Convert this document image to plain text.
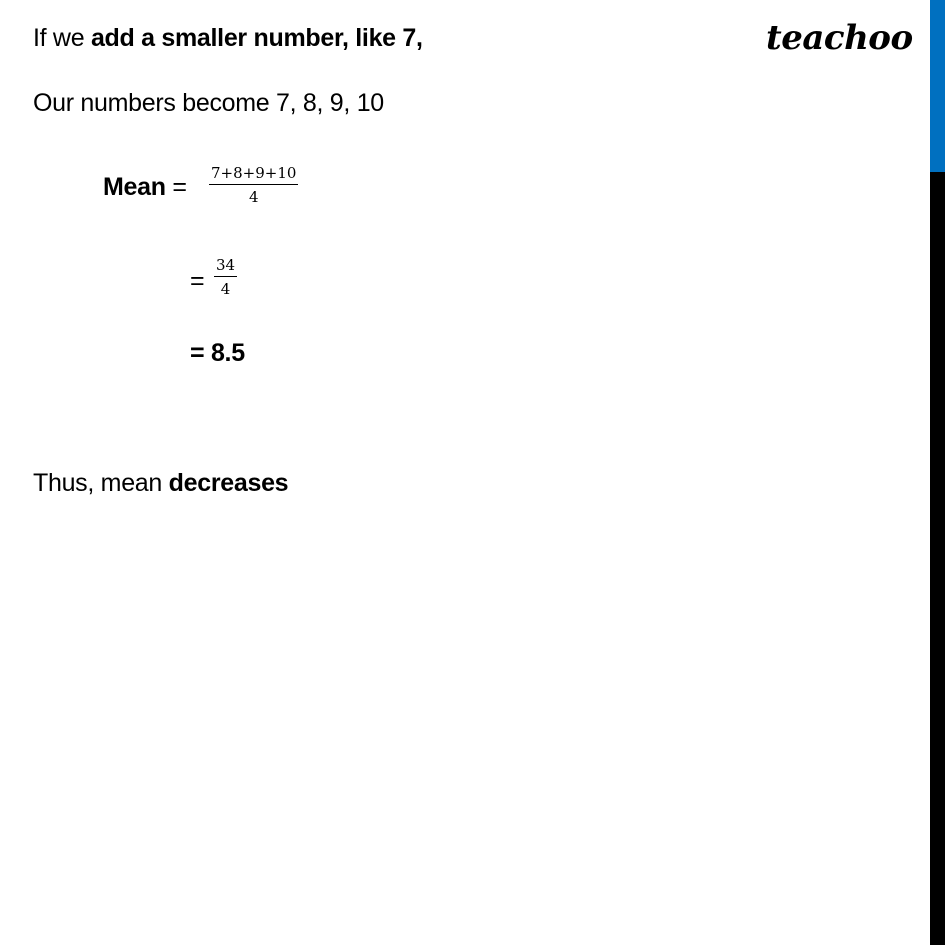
teachoo
If we add a smaller number, like 7,
Our numbers become 7, 8, 9, 10
Mean = $\frac{7+8+9+10}{4}$
= $\frac{34}{4}$
= 8.5
Thus, mean decreases
